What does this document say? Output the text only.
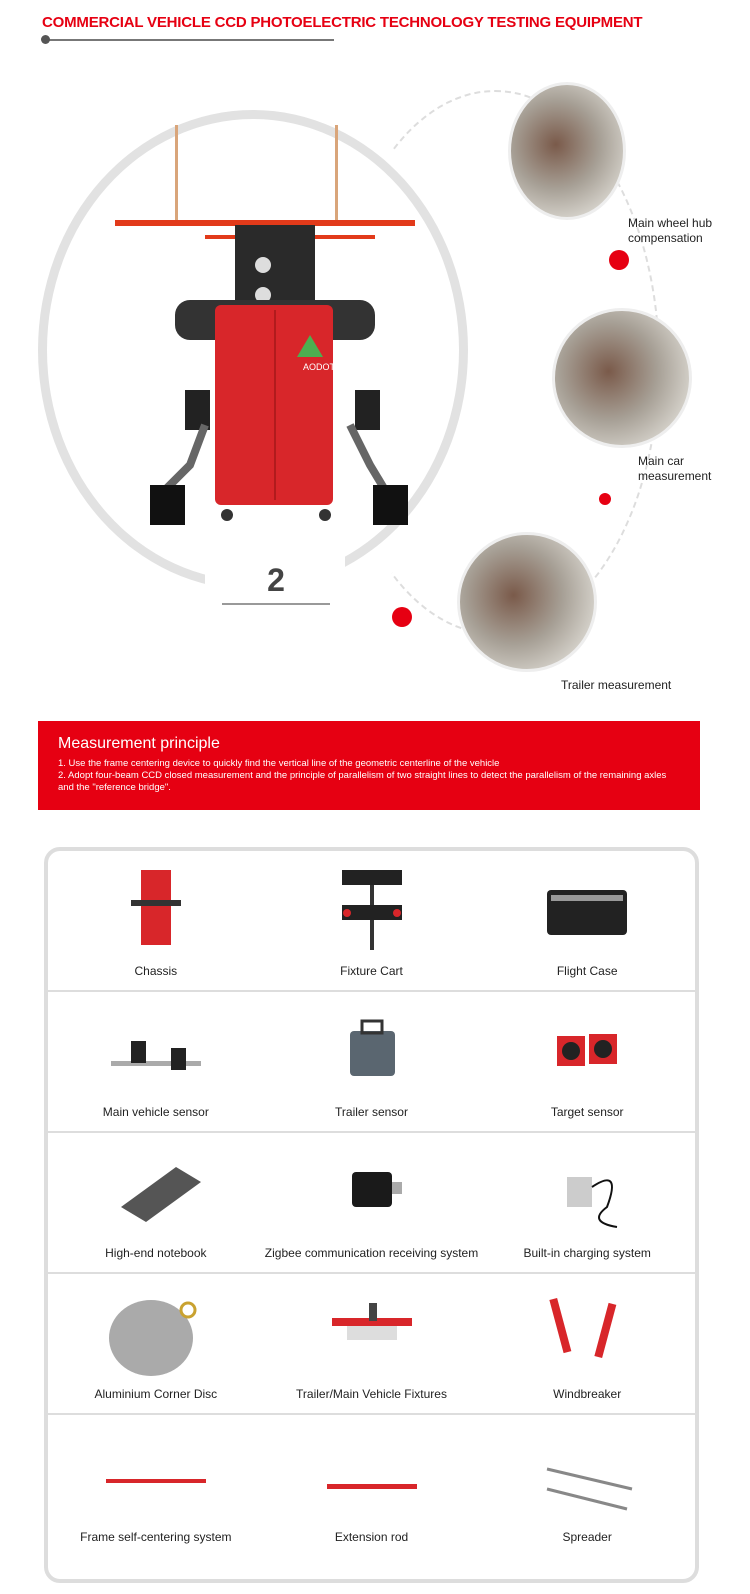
COMMERCIAL VEHICLE CCD PHOTOELECTRIC TECHNOLOGY TESTING EQUIPMENT
AODOTOP
2
Main wheel hub compensation
Main car measurement
Trailer measurement
Measurement principle

1. Use the frame centering device to quickly find the vertical line of the geometric centerline of the vehicle

2. Adopt four-beam CCD closed measurement and the principle of parallelism of two straight lines to detect the parallelism of the remaining axles and the "reference bridge".

Chassis	Fixture Cart	Flight Case
Main vehicle sensor	Trailer sensor	Target sensor
High-end notebook	Zigbee communication receiving system	Built-in charging system
Aluminium Corner Disc	Trailer/Main Vehicle Fixtures	Windbreaker
Frame self-centering system	Extension rod	Spreader
